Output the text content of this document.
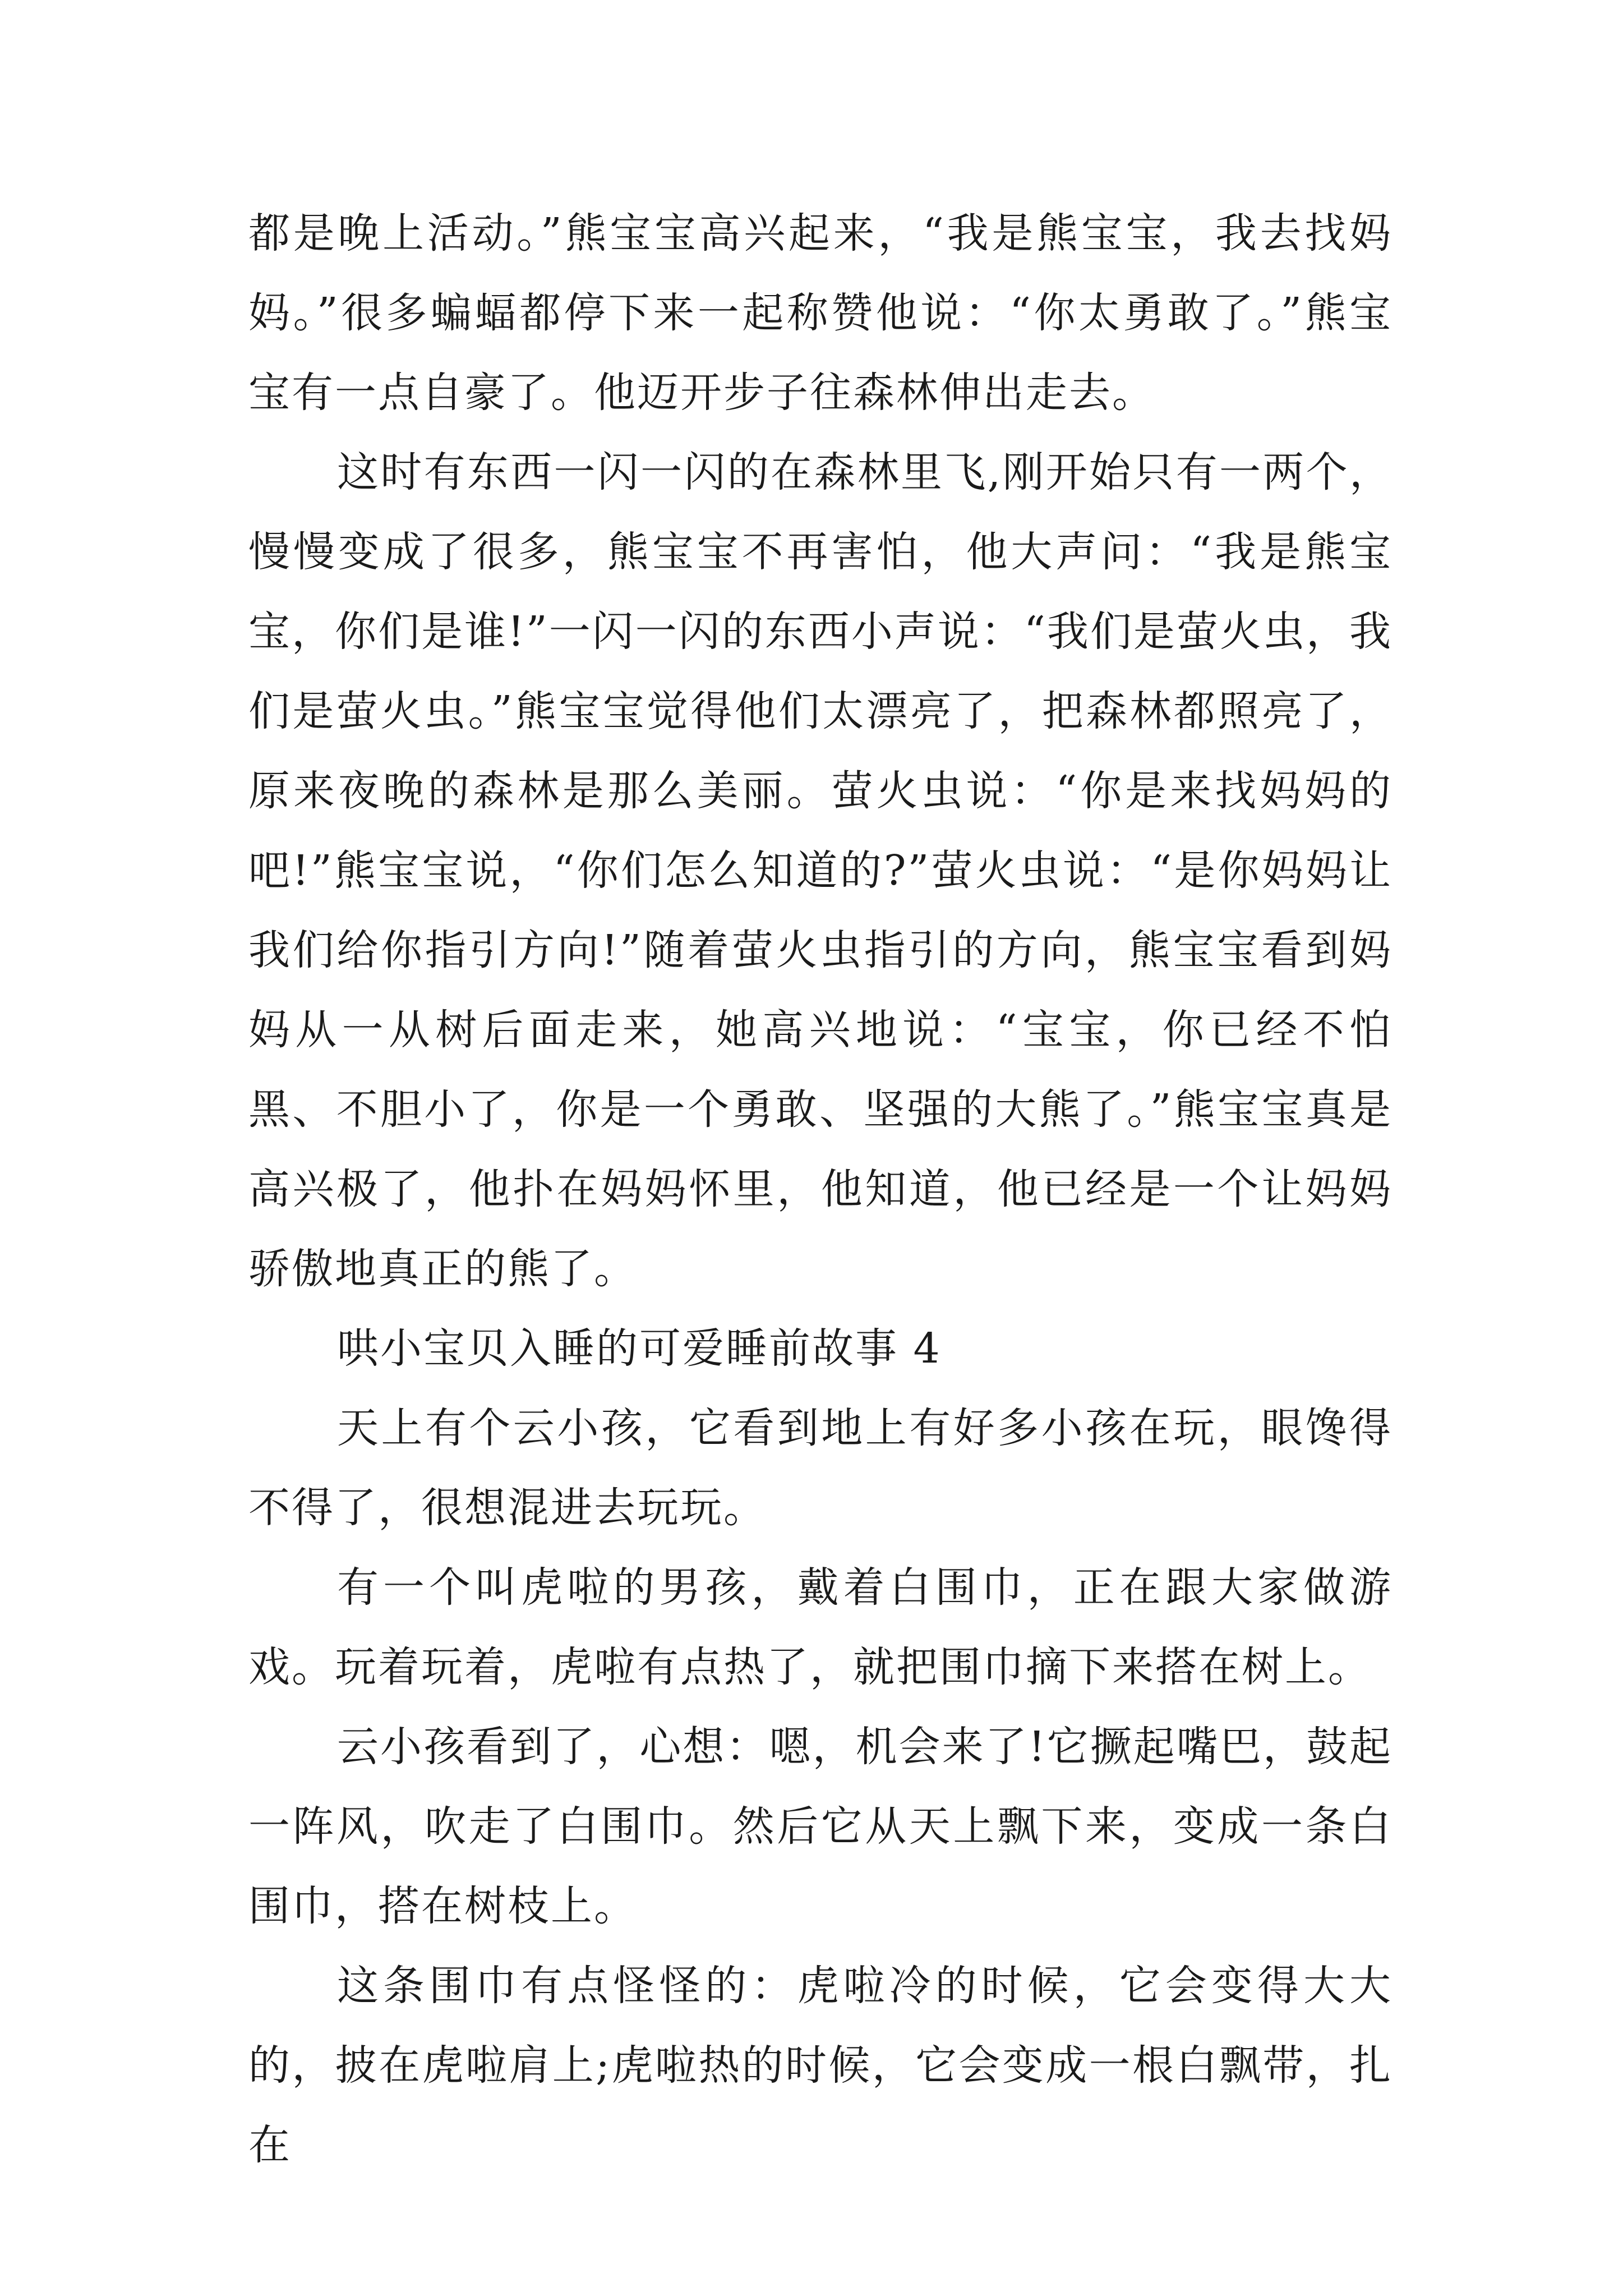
都是晚上活动。”熊宝宝高兴起来，“我是熊宝宝，我去找妈妈。”很多蝙蝠都停下来一起称赞他说：“你太勇敢了。”熊宝宝有一点自豪了。他迈开步子往森林伸出走去。

这时有东西一闪一闪的在森林里飞,刚开始只有一两个，慢慢变成了很多，熊宝宝不再害怕，他大声问：“我是熊宝宝，你们是谁!”一闪一闪的东西小声说：“我们是萤火虫，我们是萤火虫。”熊宝宝觉得他们太漂亮了，把森林都照亮了，原来夜晚的森林是那么美丽。萤火虫说：“你是来找妈妈的吧!”熊宝宝说，“你们怎么知道的?”萤火虫说：“是你妈妈让我们给你指引方向!”随着萤火虫指引的方向，熊宝宝看到妈妈从一从树后面走来，她高兴地说：“宝宝，你已经不怕黑、不胆小了，你是一个勇敢、坚强的大熊了。”熊宝宝真是高兴极了，他扑在妈妈怀里，他知道，他已经是一个让妈妈骄傲地真正的熊了。

哄小宝贝入睡的可爱睡前故事 4

天上有个云小孩，它看到地上有好多小孩在玩，眼馋得不得了，很想混进去玩玩。

有一个叫虎啦的男孩，戴着白围巾，正在跟大家做游戏。玩着玩着，虎啦有点热了，就把围巾摘下来搭在树上。

云小孩看到了，心想：嗯，机会来了!它撅起嘴巴，鼓起一阵风，吹走了白围巾。然后它从天上飘下来，变成一条白围巾，搭在树枝上。

这条围巾有点怪怪的：虎啦冷的时候，它会变得大大的，披在虎啦肩上;虎啦热的时候，它会变成一根白飘带，扎在
